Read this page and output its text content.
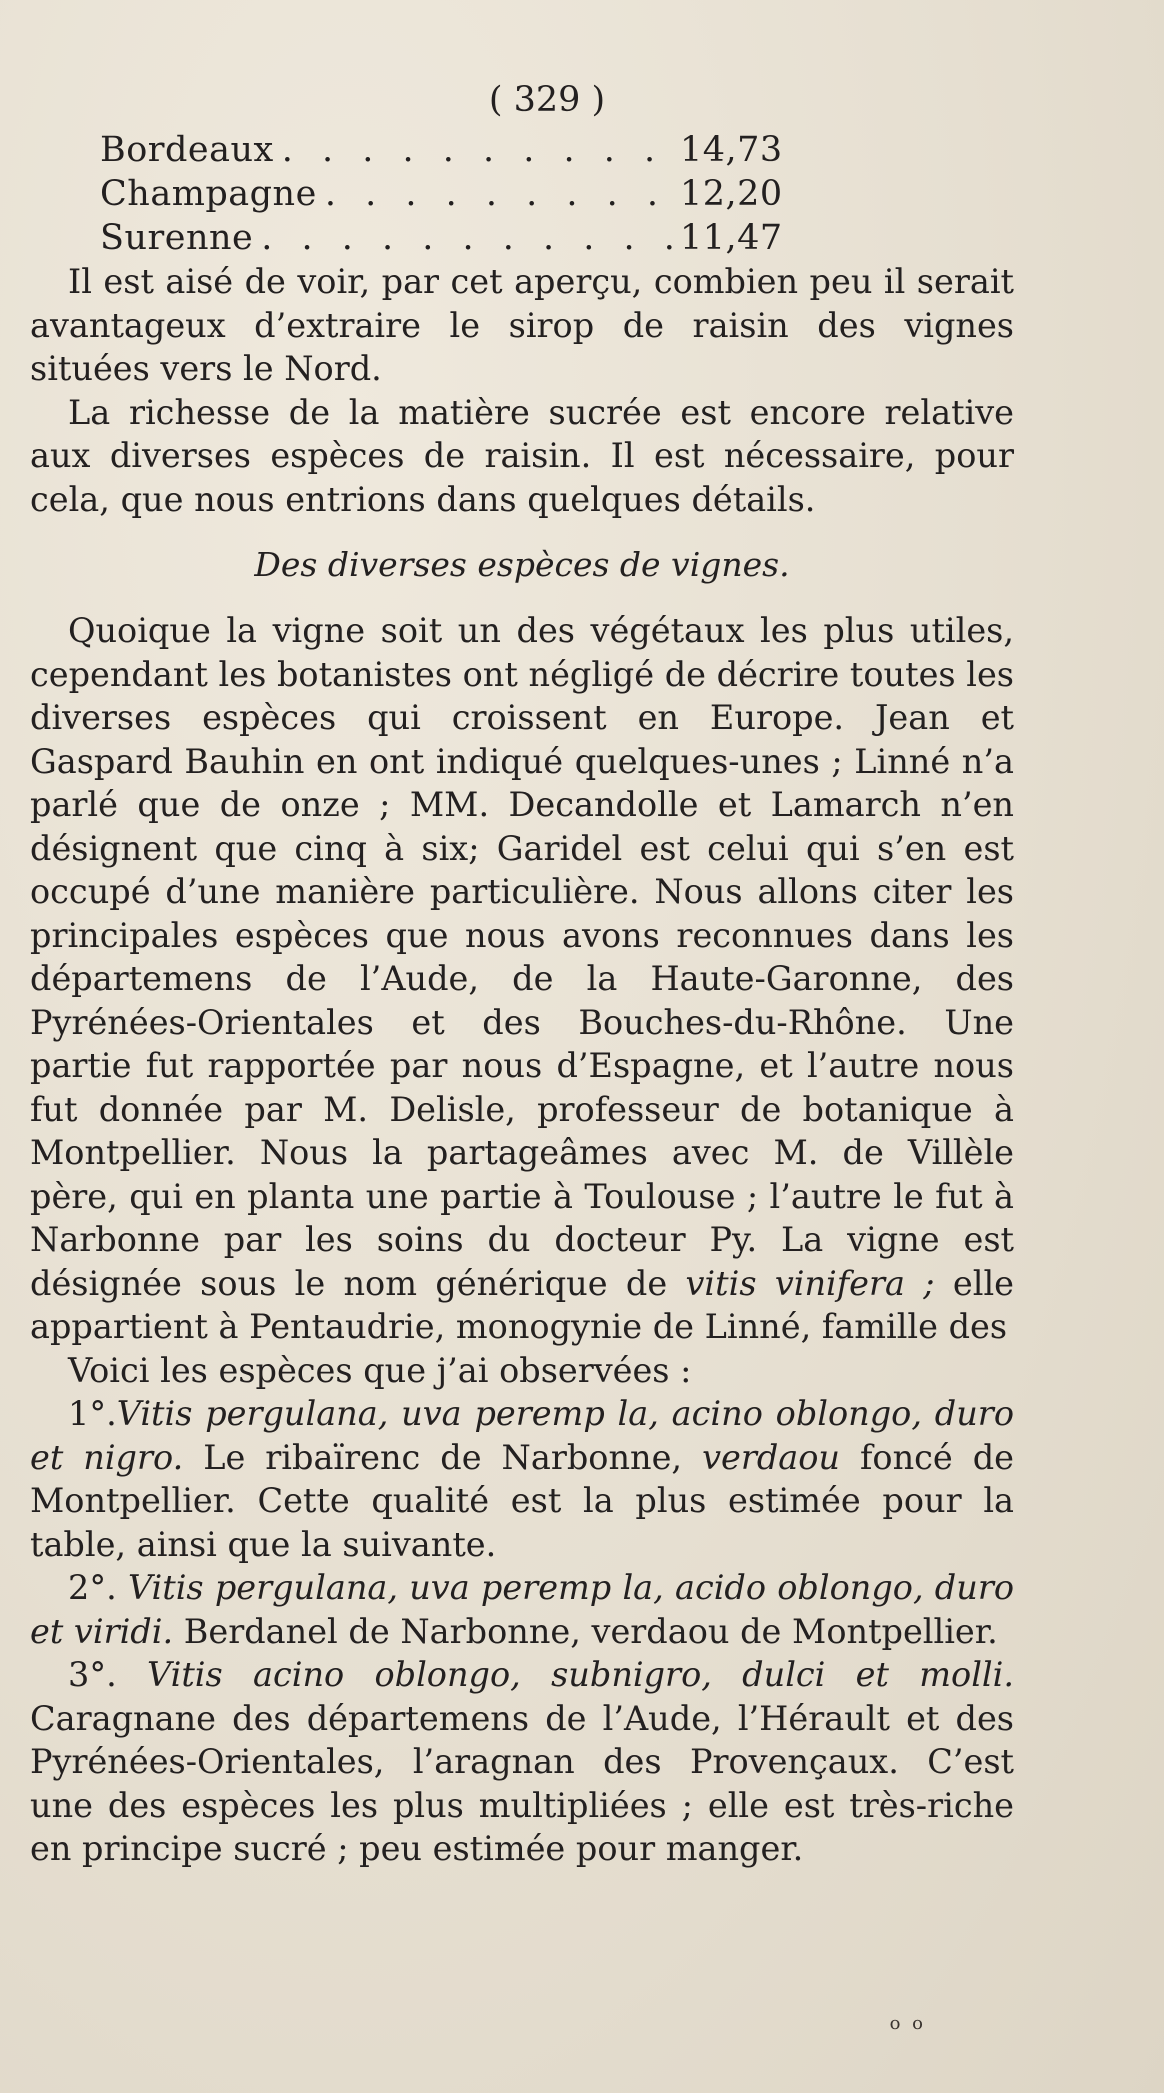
( 329 )
Bordeaux . . .	14,73
Champagne . . .	12,20
Surenne . . .	11,47

Il est aisé de voir, par cet aperçu, combien peu il serait avantageux d’extraire le sirop de raisin des vignes situées vers le Nord.

La richesse de la matière sucrée est encore relative aux diverses espèces de raisin. Il est nécessaire, pour cela, que nous entrions dans quelques détails.

Des diverses espèces de vignes.

Quoique la vigne soit un des végétaux les plus utiles, cependant les botanistes ont négligé de décrire toutes les diverses espèces qui croissent en Europe. Jean et Gaspard Bauhin en ont indiqué quelques-unes ; Linné n’a parlé que de onze ; MM. Decandolle et Lamarch n’en désignent que cinq à six; Garidel est celui qui s’en est occupé d’une manière particulière. Nous allons citer les principales espèces que nous avons reconnues dans les départemens de l’Aude, de la Haute-Garonne, des Pyrénées-Orientales et des Bouches-du-Rhône. Une partie fut rapportée par nous d’Espagne, et l’autre nous fut donnée par M. Delisle, professeur de botanique à Montpellier. Nous la partageâmes avec M. de Villèle père, qui en planta une partie à Toulouse ; l’autre le fut à Narbonne par les soins du docteur Py. La vigne est désignée sous le nom générique de vitis vinifera ; elle appartient à Pentaudrie, monogynie de Linné, famille des

Voici les espèces que j’ai observées :

1°.Vitis pergulana, uva peremp la, acino oblongo, duro et nigro. Le ribaïrenc de Narbonne, verdaou foncé de Montpellier. Cette qualité est la plus estimée pour la table, ainsi que la suivante.

2°. Vitis pergulana, uva peremp la, acido oblongo, duro et viridi. Berdanel de Narbonne, verdaou de Montpellier.

3°. Vitis acino oblongo, subnigro, dulci et molli. Caragnane des départemens de l’Aude, l’Hérault et des Pyrénées-Orientales, l’aragnan des Provençaux. C’est une des espèces les plus multipliées ; elle est très-riche en principe sucré ; peu estimée pour manger.

o o
